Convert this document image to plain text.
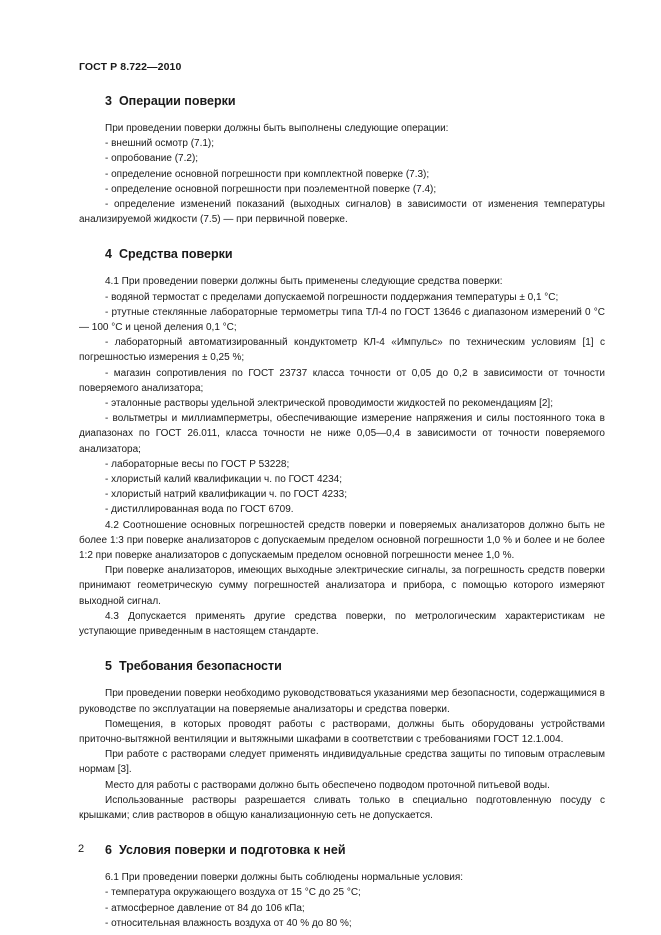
ГОСТ Р 8.722—2010
3 Операции поверки

При проведении поверки должны быть выполнены следующие операции:

- внешний осмотр (7.1);

- опробование (7.2);

- определение основной погрешности при комплектной поверке (7.3);

- определение основной погрешности при поэлементной поверке (7.4);

- определение изменений показаний (выходных сигналов) в зависимости от изменения температуры анализируемой жидкости (7.5) — при первичной поверке.

4 Средства поверки

4.1 При проведении поверки должны быть применены следующие средства поверки:

- водяной термостат с пределами допускаемой погрешности поддержания температуры ± 0,1 °С;

- ртутные стеклянные лабораторные термометры типа ТЛ-4 по ГОСТ 13646 с диапазоном измерений 0 °С — 100 °С и ценой деления 0,1 °С;

- лабораторный автоматизированный кондуктометр КЛ-4 «Импульс» по техническим условиям [1] с погрешностью измерения ± 0,25 %;

- магазин сопротивления по ГОСТ 23737 класса точности от 0,05 до 0,2 в зависимости от точности поверяемого анализатора;

- эталонные растворы удельной электрической проводимости жидкостей по рекомендациям [2];

- вольтметры и миллиамперметры, обеспечивающие измерение напряжения и силы постоянного тока в диапазонах по ГОСТ 26.011, класса точности не ниже 0,05—0,4 в зависимости от точности поверяемого анализатора;

- лабораторные весы по ГОСТ Р 53228;

- хлористый калий квалификации ч. по ГОСТ 4234;

- хлористый натрий квалификации ч. по ГОСТ 4233;

- дистиллированная вода по ГОСТ 6709.

4.2 Соотношение основных погрешностей средств поверки и поверяемых анализаторов должно быть не более 1:3 при поверке анализаторов с допускаемым пределом основной погрешности 1,0 % и более и не более 1:2 при поверке анализаторов с допускаемым пределом основной погрешности менее 1,0 %.

При поверке анализаторов, имеющих выходные электрические сигналы, за погрешность средств поверки принимают геометрическую сумму погрешностей анализатора и прибора, с помощью которого измеряют выходной сигнал.

4.3 Допускается применять другие средства поверки, по метрологическим характеристикам не уступающие приведенным в настоящем стандарте.

5 Требования безопасности

При проведении поверки необходимо руководствоваться указаниями мер безопасности, содержащимися в руководстве по эксплуатации на поверяемые анализаторы и средства поверки.

Помещения, в которых проводят работы с растворами, должны быть оборудованы устройствами приточно-вытяжной вентиляции и вытяжными шкафами в соответствии с требованиями ГОСТ 12.1.004.

При работе с растворами следует применять индивидуальные средства защиты по типовым отраслевым нормам [3].

Место для работы с растворами должно быть обеспечено подводом проточной питьевой воды.

Использованные растворы разрешается сливать только в специально подготовленную посуду с крышками; слив растворов в общую канализационную сеть не допускается.

6 Условия поверки и подготовка к ней

6.1 При проведении поверки должны быть соблюдены нормальные условия:

- температура окружающего воздуха от 15 °С до 25 °С;

- атмосферное давление от 84 до 106 кПа;

- относительная влажность воздуха от 40 % до 80 %;

2
